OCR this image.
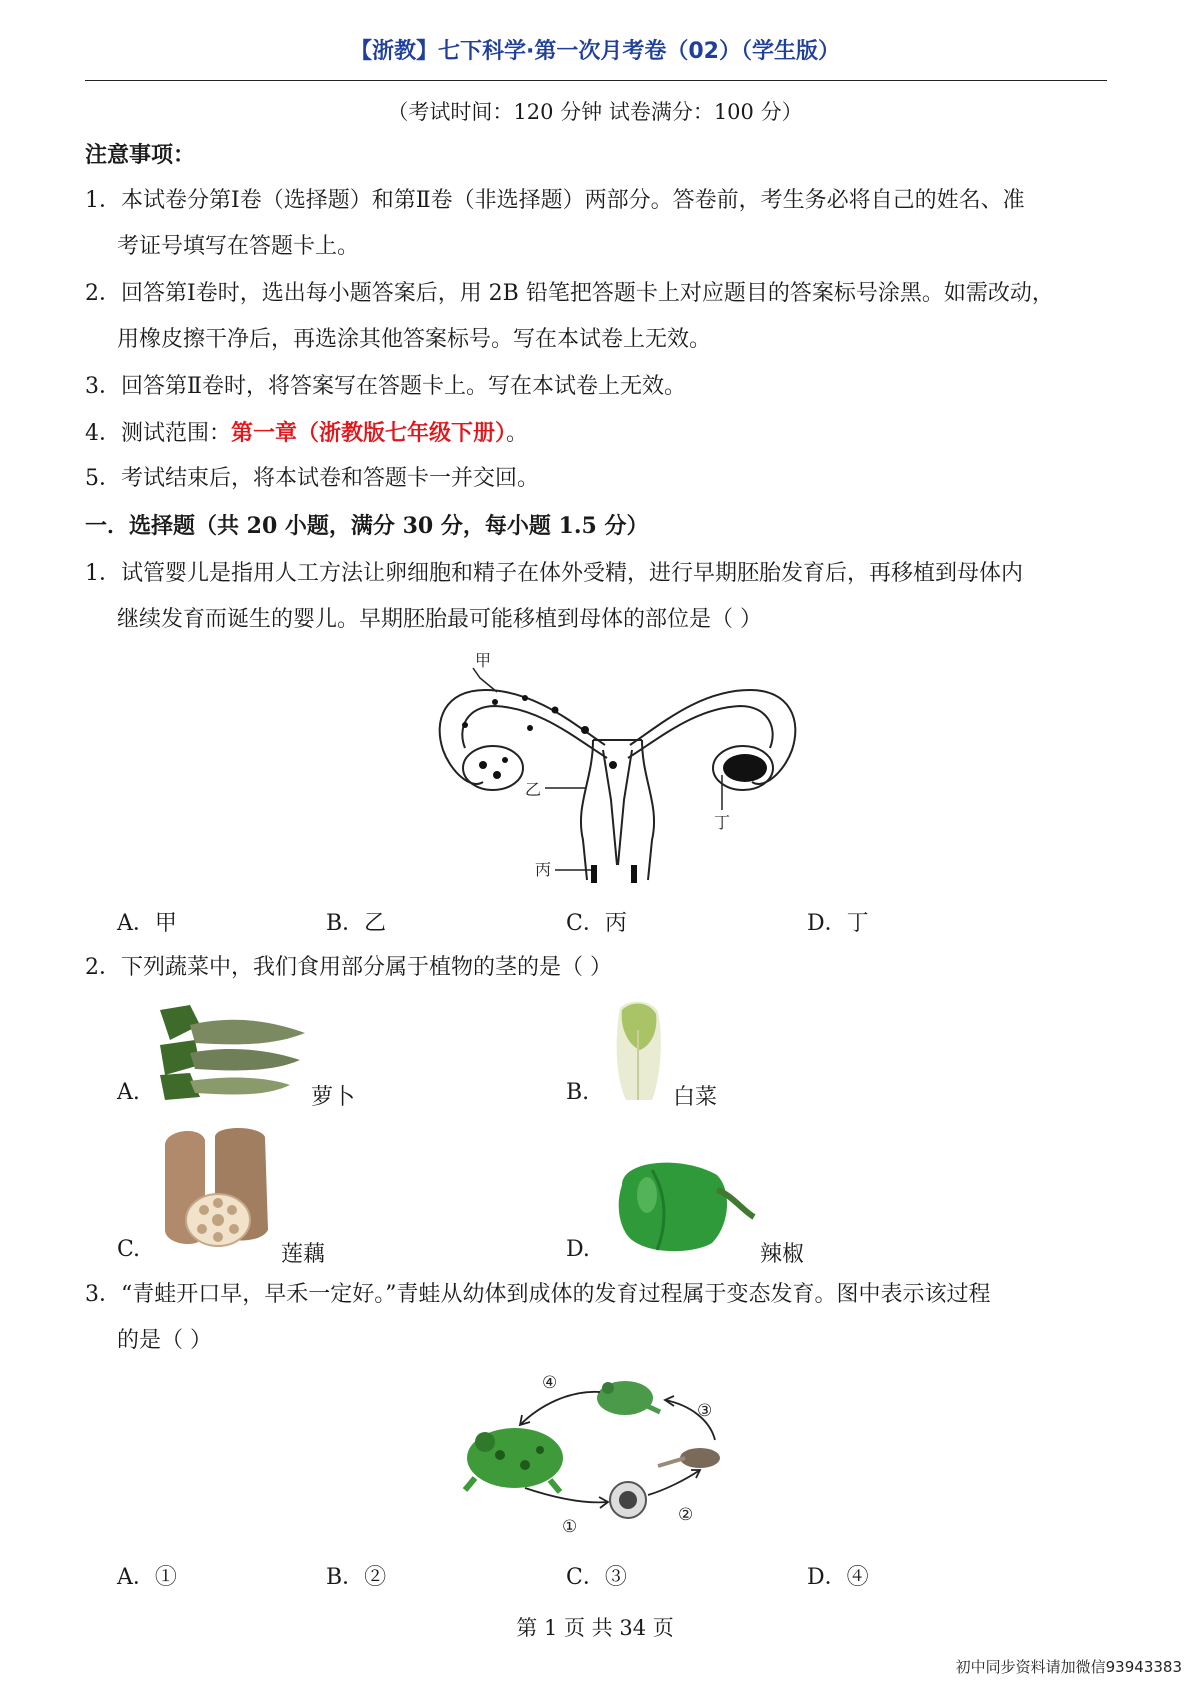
【浙教】七下科学·第一次月考卷（02）（学生版）
（考试时间：120 分钟 试卷满分：100 分）
注意事项：
1．本试卷分第Ⅰ卷（选择题）和第Ⅱ卷（非选择题）两部分。答卷前，考生务必将自己的姓名、准
考证号填写在答题卡上。
2．回答第Ⅰ卷时，选出每小题答案后，用 2B 铅笔把答题卡上对应题目的答案标号涂黑。如需改动，
用橡皮擦干净后，再选涂其他答案标号。写在本试卷上无效。
3．回答第Ⅱ卷时，将答案写在答题卡上。写在本试卷上无效。
4．测试范围：第一章（浙教版七年级下册）。
5．考试结束后，将本试卷和答题卡一并交回。
一．选择题（共 20 小题，满分 30 分，每小题 1.5 分）
1．试管婴儿是指用人工方法让卵细胞和精子在体外受精，进行早期胚胎发育后，再移植到母体内
继续发育而诞生的婴儿。早期胚胎最可能移植到母体的部位是（ ）
甲
乙
丙
丁
A．甲	B．乙	C．丙	D．丁
2．下列蔬菜中，我们食用部分属于植物的茎的是（ ）
A.	萝卜	B.	白菜
C.	莲藕	D.	辣椒
3．“青蛙开口早，早禾一定好。”青蛙从幼体到成体的发育过程属于变态发育。图中表示该过程
的是（ ）
④
③
②
①
A．①	B．②	C．③	D．④
第 1 页 共 34 页
初中同步资料请加微信93943383
